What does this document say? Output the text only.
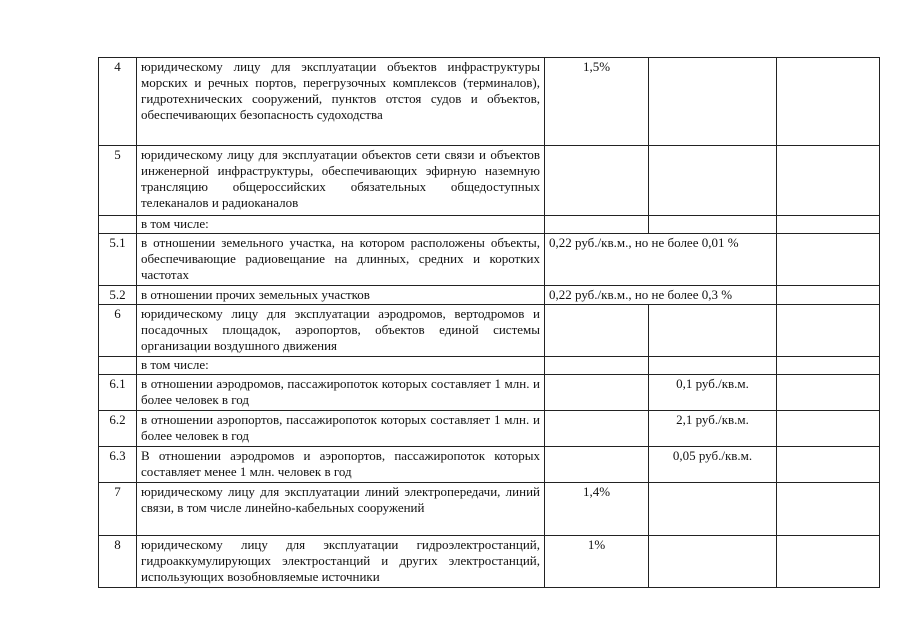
4	юридическому лицу для эксплуатации объектов инфраструктуры морских и речных портов, перегрузочных комплексов (терминалов), гидротехнических сооружений, пунктов отстоя судов и объектов, обеспечивающих безопасность судоходства	1,5%		
5	юридическому лицу для эксплуатации объектов сети связи и объектов инженерной инфраструктуры, обеспечивающих эфирную наземную трансляцию общероссийских обязательных общедоступных телеканалов и радиоканалов			
	в том числе:			
5.1	в отношении земельного участка, на котором расположены объекты, обеспечивающие радиовещание на длинных, средних и коротких частотах	0,22 руб./кв.м., но не более 0,01 %		
5.2	в отношении прочих земельных участков	0,22 руб./кв.м., но не более 0,3 %		
6	юридическому лицу для эксплуатации аэродромов, вертодромов и посадочных площадок, аэропортов, объектов единой системы организации воздушного движения			
	в том числе:			
6.1	в отношении аэродромов, пассажиропоток которых составляет 1 млн. и более человек в год		0,1 руб./кв.м.	
6.2	в отношении аэропортов, пассажиропоток которых составляет 1 млн. и более человек в год		2,1 руб./кв.м.	
6.3	В отношении аэродромов и аэропортов, пассажиропоток которых составляет менее 1 млн. человек в год		0,05 руб./кв.м.	
7	юридическому лицу для эксплуатации линий электропередачи, линий связи, в том числе линейно-кабельных сооружений	1,4%		
8	юридическому лицу для эксплуатации гидроэлектростанций, гидроаккумулирующих электростанций и других электростанций, использующих возобновляемые источники	1%		
